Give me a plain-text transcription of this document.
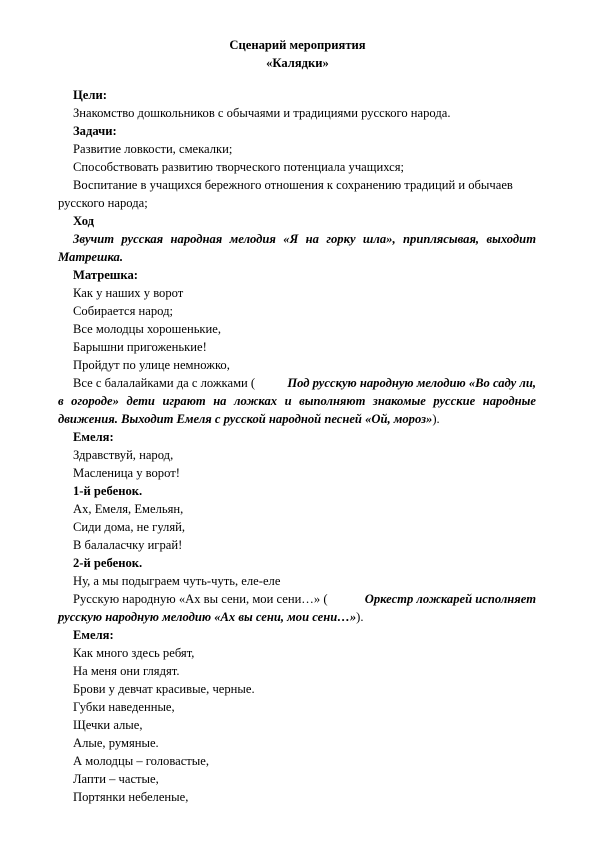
Сценарий мероприятия
«Калядки»
Цели:
Знакомство дошкольников с обычаями и традициями русского народа.
Задачи:
Развитие ловкости, смекалки;
Способствовать развитию творческого потенциала учащихся;
Воспитание в учащихся бережного отношения к сохранению традиций и обычаев
русского народа;
Ход
Звучит русская народная мелодия «Я на горку шла», приплясывая, выходит
Матрешка.
Матрешка:
Как у наших у ворот
Собирается народ;
Все молодцы хорошенькие,
Барышни пригоженькие!
Пройдут по улице немножко,
Все с балалайками да с ложками (	Под русскую народную мелодию «Во саду ли,
в огороде» дети играют на ложках и выполняют знакомые русские народные
движения. Выходит Емеля с русской народной песней «Ой, мороз»).
Емеля:
Здравствуй, народ,
Масленица у ворот!
1-й ребенок.
Ах, Емеля, Емельян,
Сиди дома, не гуляй,
В балаласчку играй!
2-й ребенок.
Ну, а мы подыграем чуть-чуть, еле-еле
Русскую народную «Ах вы сени, мои сени…» (	Оркестр ложкарей исполняет
русскую народную мелодию «Ах вы сени, мои сени…»).
Емеля:
Как много здесь ребят,
На меня они глядят.
Брови у девчат красивые, черные.
Губки наведенные,
Щечки алые,
Алые, румяные.
А молодцы – головастые,
Лапти – частые,
Портянки небеленые,
